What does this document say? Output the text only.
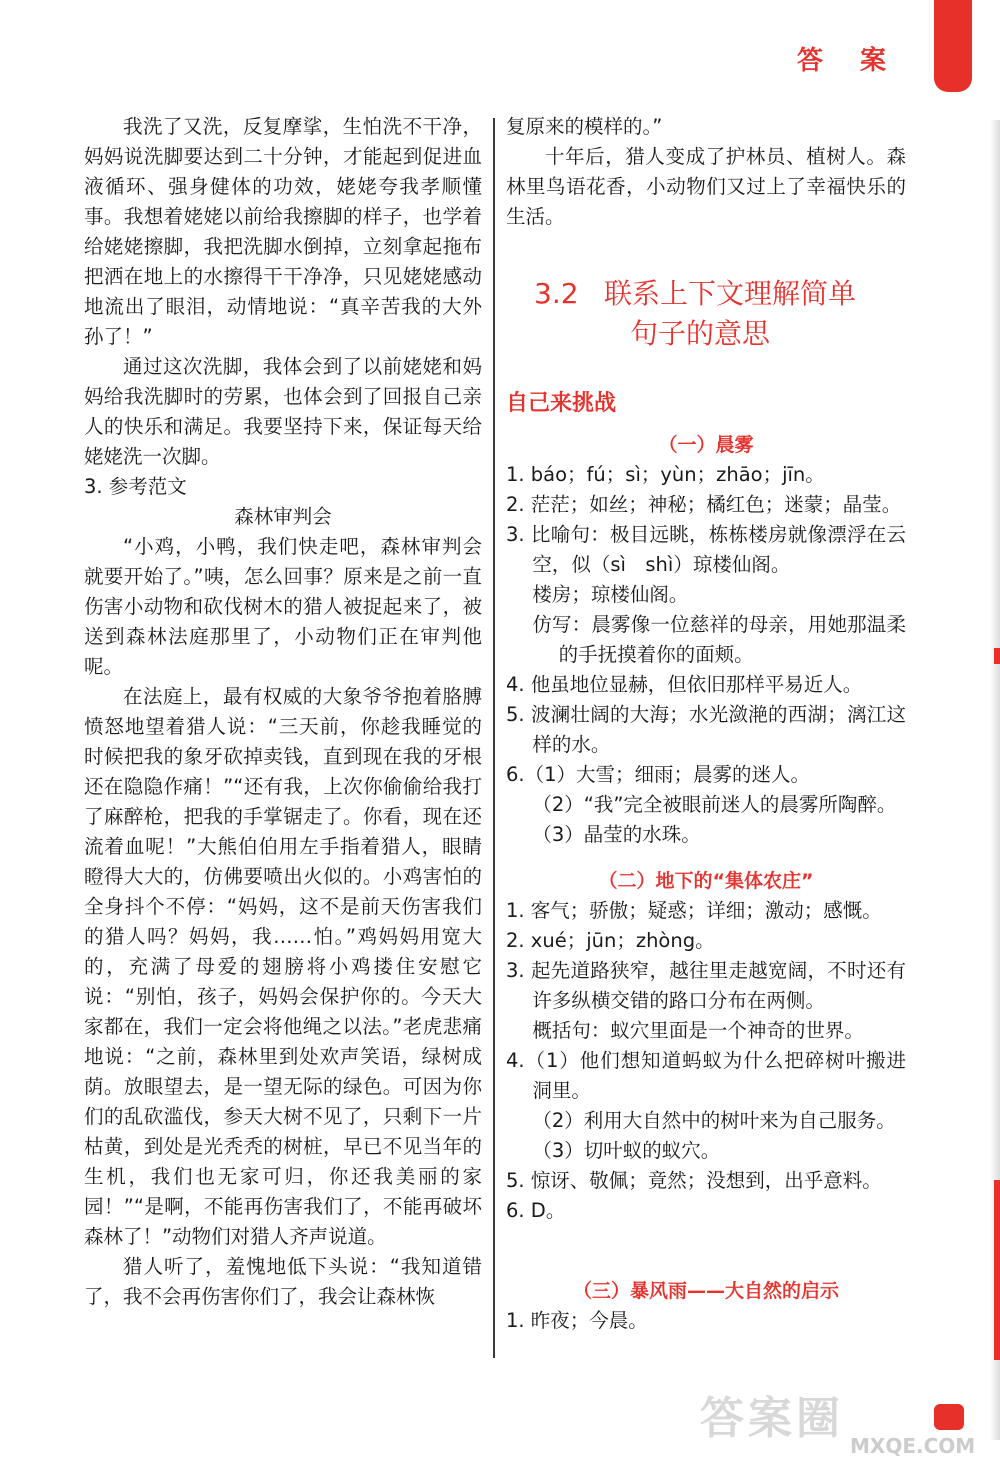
答 案

我洗了又洗，反复摩挲，生怕洗不干净，妈妈说洗脚要达到二十分钟，才能起到促进血液循环、强身健体的功效，姥姥夸我孝顺懂事。我想着姥姥以前给我擦脚的样子，也学着给姥姥擦脚，我把洗脚水倒掉，立刻拿起拖布把洒在地上的水擦得干干净净，只见姥姥感动地流出了眼泪，动情地说：“真辛苦我的大外孙了！”

通过这次洗脚，我体会到了以前姥姥和妈妈给我洗脚时的劳累，也体会到了回报自己亲人的快乐和满足。我要坚持下来，保证每天给姥姥洗一次脚。

3. 参考范文

森林审判会

“小鸡，小鸭，我们快走吧，森林审判会就要开始了。”咦，怎么回事？原来是之前一直伤害小动物和砍伐树木的猎人被捉起来了，被送到森林法庭那里了，小动物们正在审判他呢。

在法庭上，最有权威的大象爷爷抱着胳膊愤怒地望着猎人说：“三天前，你趁我睡觉的时候把我的象牙砍掉卖钱，直到现在我的牙根还在隐隐作痛！”“还有我，上次你偷偷给我打了麻醉枪，把我的手掌锯走了。你看，现在还流着血呢！”大熊伯伯用左手指着猎人，眼睛瞪得大大的，仿佛要喷出火似的。小鸡害怕的全身抖个不停：“妈妈，这不是前天伤害我们的猎人吗？妈妈，我……怕。”鸡妈妈用宽大的，充满了母爱的翅膀将小鸡搂住安慰它说：“别怕，孩子，妈妈会保护你的。今天大家都在，我们一定会将他绳之以法。”老虎悲痛地说：“之前，森林里到处欢声笑语，绿树成荫。放眼望去，是一望无际的绿色。可因为你们的乱砍滥伐，参天大树不见了，只剩下一片枯黄，到处是光秃秃的树桩，早已不见当年的生机，我们也无家可归，你还我美丽的家园！”“是啊，不能再伤害我们了，不能再破坏森林了！”动物们对猎人齐声说道。

猎人听了，羞愧地低下头说：“我知道错了，我不会再伤害你们了，我会让森林恢

复原来的模样的。”

十年后，猎人变成了护林员、植树人。森林里鸟语花香，小动物们又过上了幸福快乐的生活。

3.2 联系上下文理解简单
句子的意思
自己来挑战
（一）晨雾

1. báo；fú；sì；yùn；zhāo；jīn。

2. 茫茫；如丝；神秘；橘红色；迷蒙；晶莹。

3. 比喻句：极目远眺，栋栋楼房就像漂浮在云空，似（sì　shì）琼楼仙阁。

楼房；琼楼仙阁。

仿写：晨雾像一位慈祥的母亲，用她那温柔的手抚摸着你的面颊。

4. 他虽地位显赫，但依旧那样平易近人。

5. 波澜壮阔的大海；水光潋滟的西湖；漓江这样的水。

6.（1）大雪；细雨；晨雾的迷人。

（2）“我”完全被眼前迷人的晨雾所陶醉。

（3）晶莹的水珠。

（二）地下的“集体农庄”

1. 客气；骄傲；疑惑；详细；激动；感慨。

2. xué；jūn；zhòng。

3. 起先道路狭窄，越往里走越宽阔，不时还有许多纵横交错的路口分布在两侧。

概括句：蚁穴里面是一个神奇的世界。

4.（1）他们想知道蚂蚁为什么把碎树叶搬进洞里。

（2）利用大自然中的树叶来为自己服务。

（3）切叶蚁的蚁穴。

5. 惊讶、敬佩；竟然；没想到，出乎意料。

6. D。

（三）暴风雨——大自然的启示

1. 昨夜；今晨。

答案圈
MXQE.COM
